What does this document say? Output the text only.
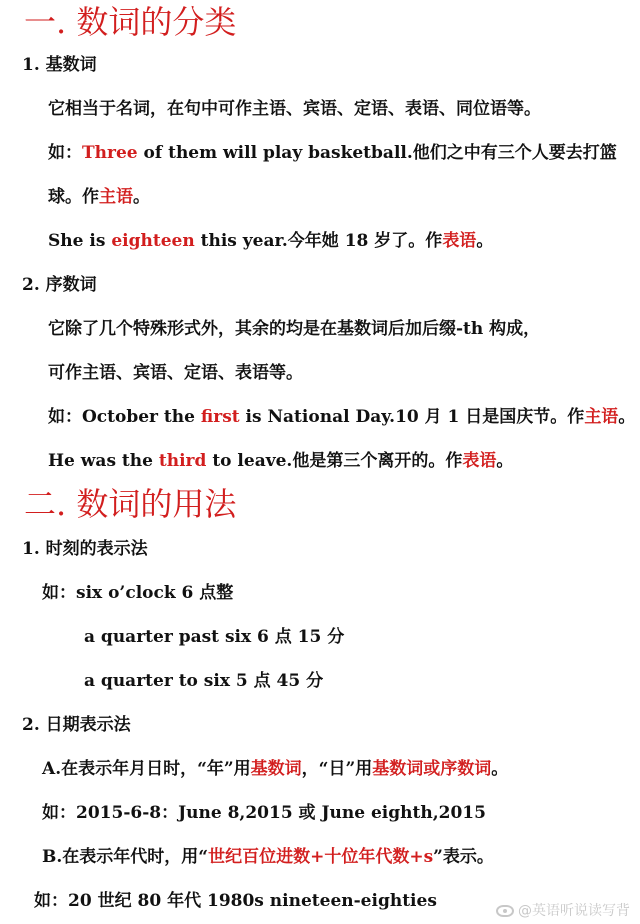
一. 数词的分类
1. 基数词
它相当于名词，在句中可作主语、宾语、定语、表语、同位语等。
如：Three of them will play basketball.他们之中有三个人要去打篮
球。作主语。
She is eighteen this year.今年她 18 岁了。作表语。
2. 序数词
它除了几个特殊形式外，其余的均是在基数词后加后缀-th 构成，
可作主语、宾语、定语、表语等。
如：October the first is National Day.10 月 1 日是国庆节。作主语。
He was the third to leave.他是第三个离开的。作表语。
二. 数词的用法
1. 时刻的表示法
如：six o’clock 6 点整
a quarter past six 6 点 15 分
a quarter to six 5 点 45 分
2. 日期表示法
A.在表示年月日时，“年”用基数词，“日”用基数词或序数词。
如：2015-6-8：June 8,2015 或 June eighth,2015
B.在表示年代时，用“世纪百位进数+十位年代数+s”表示。
如：20 世纪 80 年代 1980s nineteen-eighties	@英语听说读写背
